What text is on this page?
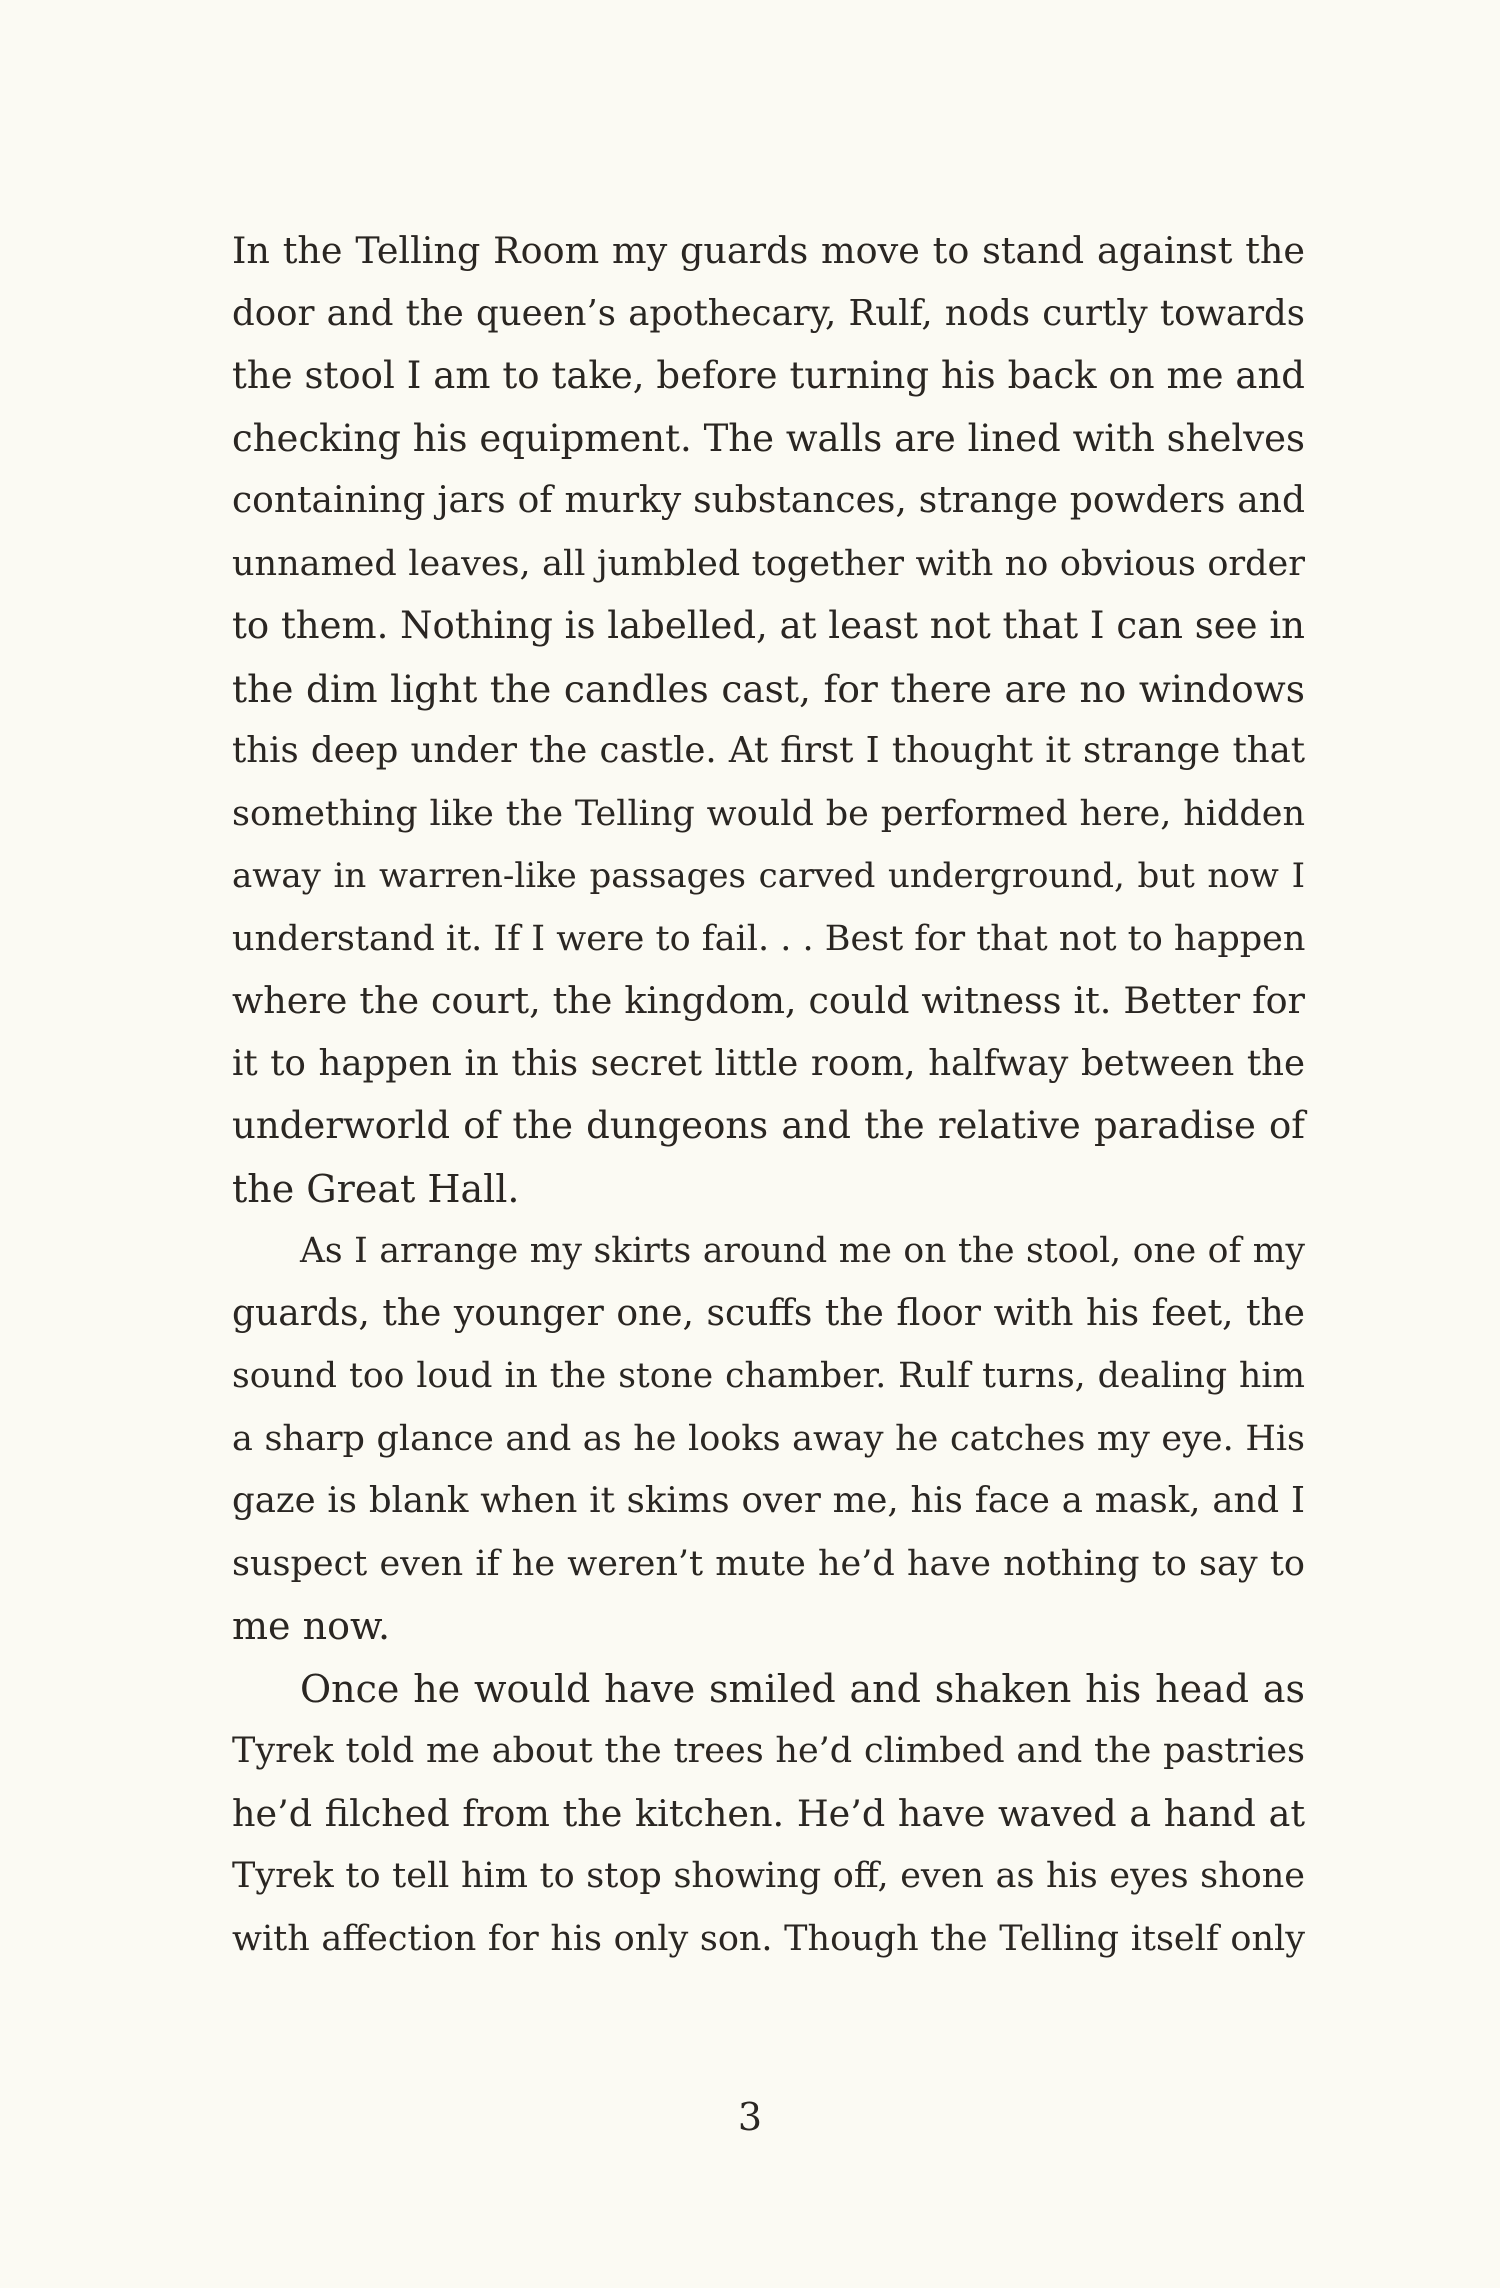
In the Telling Room my guards move to stand against the
door and the queen’s apothecary, Rulf, nods curtly towards
the stool I am to take, before turning his back on me and
checking his equipment. The walls are lined with shelves
containing jars of murky substances, strange powders and
unnamed leaves, all jumbled together with no obvious order
to them. Nothing is labelled, at least not that I can see in
the dim light the candles cast, for there are no windows
this deep under the castle. At first I thought it strange that
something like the Telling would be performed here, hidden
away in warren-like passages carved underground, but now I
understand it. If I were to fail. . . Best for that not to happen
where the court, the kingdom, could witness it. Better for
it to happen in this secret little room, halfway between the
underworld of the dungeons and the relative paradise of
the Great Hall.
As I arrange my skirts around me on the stool, one of my
guards, the younger one, scuffs the floor with his feet, the
sound too loud in the stone chamber. Rulf turns, dealing him
a sharp glance and as he looks away he catches my eye. His
gaze is blank when it skims over me, his face a mask, and I
suspect even if he weren’t mute he’d have nothing to say to
me now.
Once he would have smiled and shaken his head as
Tyrek told me about the trees he’d climbed and the pastries
he’d filched from the kitchen. He’d have waved a hand at
Tyrek to tell him to stop showing off, even as his eyes shone
with affection for his only son. Though the Telling itself only
3
